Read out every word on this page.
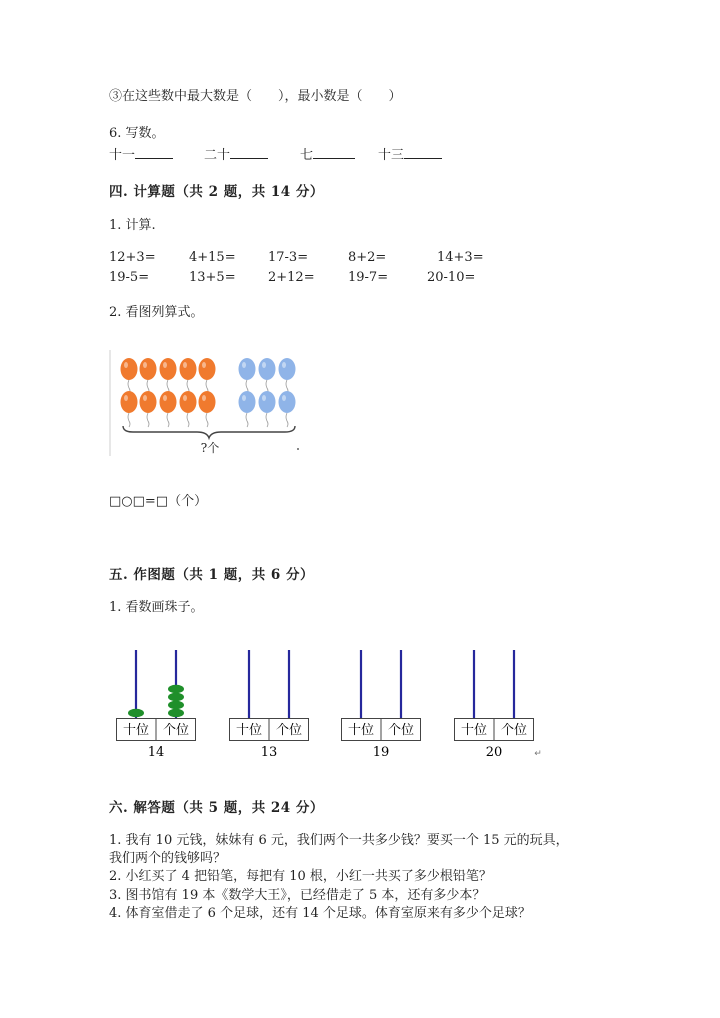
③在这些数中最大数是（　　），最小数是（　　）
6. 写数。
十一	二十	七	十三
四. 计算题（共 2 题，共 14 分）
1. 计算.
12+3=	4+15= 17-3=	8+2=	14+3=
19-5=	13+5= 2+12=	19-7=	20-10=
2. 看图列算式。
?个
□○□=□（个）
五. 作图题（共 1 题，共 6 分）
1. 看数画珠子。
十位 个位
14
十位 个位
13
十位 个位
19
十位 个位
20	↵
六. 解答题（共 5 题，共 24 分）
1. 我有 10 元钱，妹妹有 6 元，我们两个一共多少钱？要买一个 15 元的玩具，
我们两个的钱够吗？
2. 小红买了 4 把铅笔，每把有 10 根，小红一共买了多少根铅笔？
3. 图书馆有 19 本《数学大王》，已经借走了 5 本，还有多少本？
4. 体育室借走了 6 个足球，还有 14 个足球。体育室原来有多少个足球？
